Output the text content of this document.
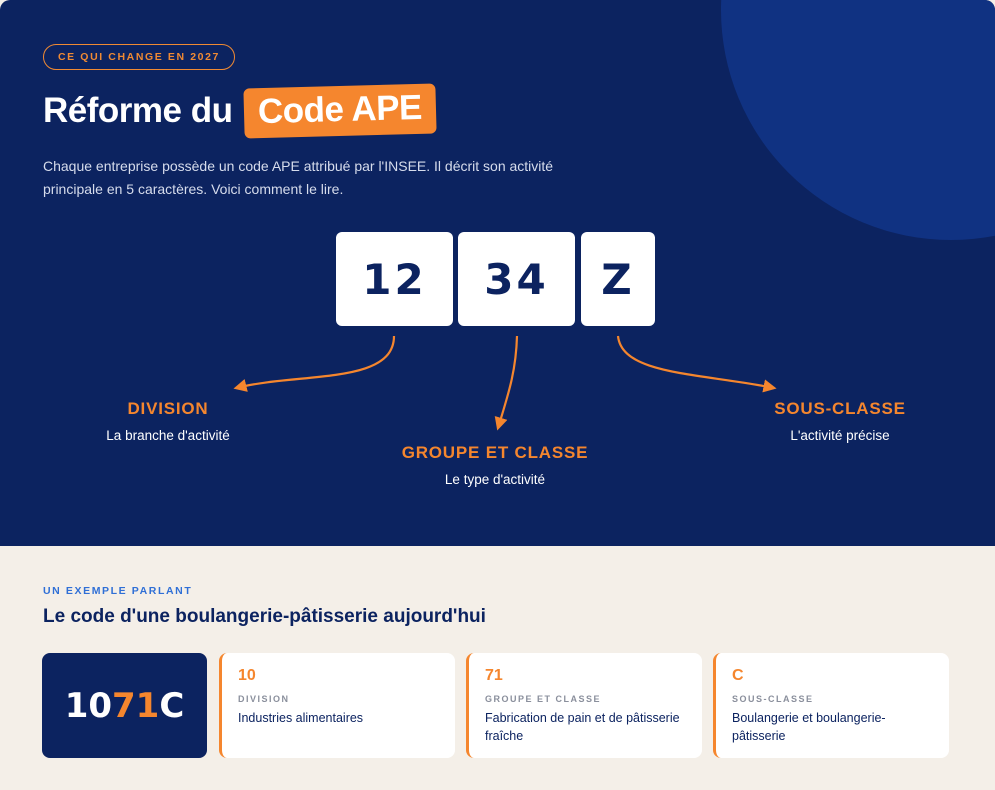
CE QUI CHANGE EN 2027
Réforme du Code APE

Chaque entreprise possède un code APE attribué par l'INSEE. Il décrit son activité principale en 5 caractères. Voici comment le lire.

12	34	Z
DIVISION
La branche d'activité
GROUPE ET CLASSE
Le type d'activité
SOUS-CLASSE
L'activité précise
UN EXEMPLE PARLANT
Le code d'une boulangerie-pâtisserie aujourd'hui
10 71 C
10
DIVISION
Industries alimentaires
71
GROUPE ET CLASSE
Fabrication de pain et de pâtisserie fraîche
C
SOUS-CLASSE
Boulangerie et boulangerie-pâtisserie
